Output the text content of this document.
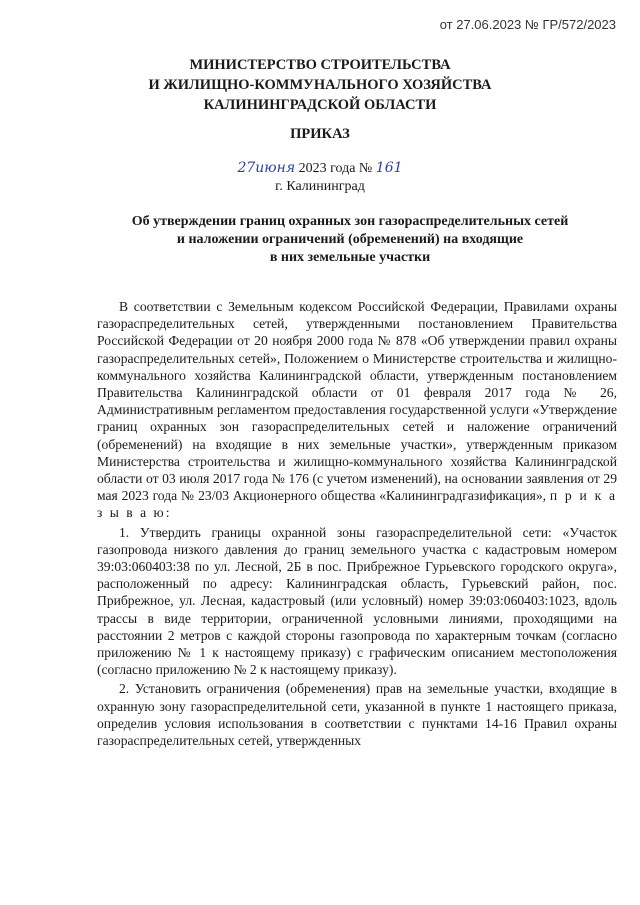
от 27.06.2023 № ГР/572/2023
МИНИСТЕРСТВО СТРОИТЕЛЬСТВА
И ЖИЛИЩНО-КОММУНАЛЬНОГО ХОЗЯЙСТВА
КАЛИНИНГРАДСКОЙ ОБЛАСТИ
ПРИКАЗ
27июня 2023 года № 161
г. Калининград
Об утверждении границ охранных зон газораспределительных сетей
и наложении ограничений (обременений) на входящие
в них земельные участки

В соответствии с Земельным кодексом Российской Федерации, Правилами охраны газораспределительных сетей, утвержденными постановлением Правительства Российской Федерации от 20 ноября 2000 года № 878 «Об утверждении правил охраны газораспределительных сетей», Положением о Министерстве строительства и жилищно-коммунального хозяйства Калининградской области, утвержденным постановлением Правительства Калининградской области от 01 февраля 2017 года № 26, Административным регламентом предоставления государственной услуги «Утверждение границ охранных зон газораспределительных сетей и наложение ограничений (обременений) на входящие в них земельные участки», утвержденным приказом Министерства строительства и жилищно-коммунального хозяйства Калининградской области от 03 июля 2017 года № 176 (с учетом изменений), на основании заявления от 29 мая 2023 года № 23/03 Акционерного общества «Калининградгазификация», п р и к а з ы в а ю:

1. Утвердить границы охранной зоны газораспределительной сети: «Участок газопровода низкого давления до границ земельного участка с кадастровым номером 39:03:060403:38 по ул. Лесной, 2Б в пос. Прибрежное Гурьевского городского округа», расположенный по адресу: Калининградская область, Гурьевский район, пос. Прибрежное, ул. Лесная, кадастровый (или условный) номер 39:03:060403:1023, вдоль трассы в виде территории, ограниченной условными линиями, проходящими на расстоянии 2 метров с каждой стороны газопровода по характерным точкам (согласно приложению № 1 к настоящему приказу) с графическим описанием местоположения (согласно приложению № 2 к настоящему приказу).

2. Установить ограничения (обременения) прав на земельные участки, входящие в охранную зону газораспределительной сети, указанной в пункте 1 настоящего приказа, определив условия использования в соответствии с пунктами 14-16 Правил охраны газораспределительных сетей, утвержденных
